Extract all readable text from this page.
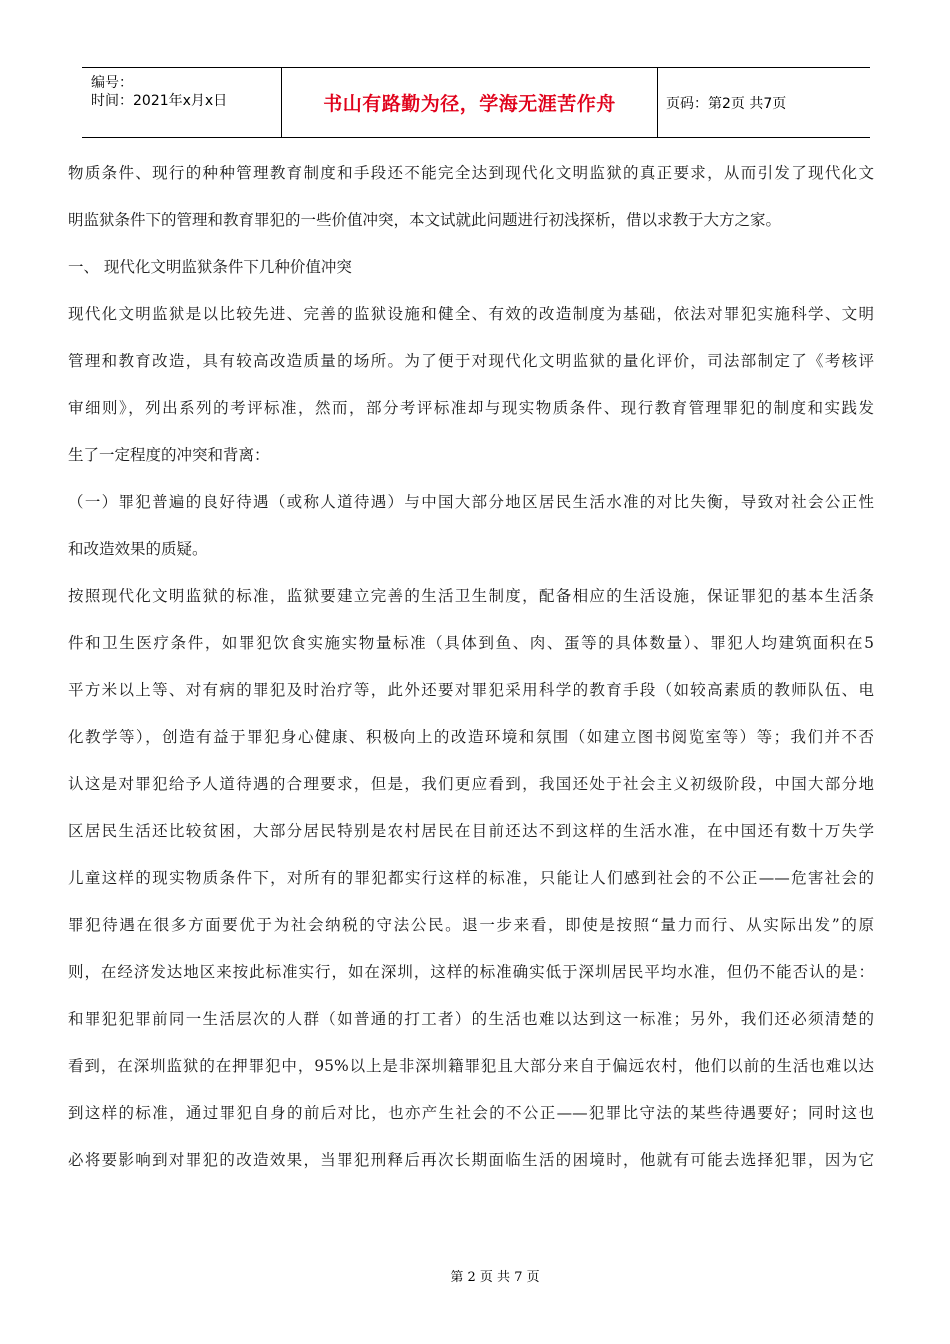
编号：
时间：2021年x月x日	书山有路勤为径，学海无涯苦作舟	页码：第2页 共7页
物质条件、现行的种种管理教育制度和手段还不能完全达到现代化文明监狱的真正要求，从而引发了现代化文
明监狱条件下的管理和教育罪犯的一些价值冲突，本文试就此问题进行初浅探析，借以求教于大方之家。
一、 现代化文明监狱条件下几种价值冲突
现代化文明监狱是以比较先进、完善的监狱设施和健全、有效的改造制度为基础，依法对罪犯实施科学、文明
管理和教育改造，具有较高改造质量的场所。为了便于对现代化文明监狱的量化评价，司法部制定了《考核评
审细则》，列出系列的考评标准，然而，部分考评标准却与现实物质条件、现行教育管理罪犯的制度和实践发
生了一定程度的冲突和背离：
（一）罪犯普遍的良好待遇（或称人道待遇）与中国大部分地区居民生活水准的对比失衡，导致对社会公正性
和改造效果的质疑。
按照现代化文明监狱的标准，监狱要建立完善的生活卫生制度，配备相应的生活设施，保证罪犯的基本生活条
件和卫生医疗条件，如罪犯饮食实施实物量标准（具体到鱼、肉、蛋等的具体数量）、罪犯人均建筑面积在5
平方米以上等、对有病的罪犯及时治疗等，此外还要对罪犯采用科学的教育手段（如较高素质的教师队伍、电
化教学等），创造有益于罪犯身心健康、积极向上的改造环境和氛围（如建立图书阅览室等）等；我们并不否
认这是对罪犯给予人道待遇的合理要求，但是，我们更应看到，我国还处于社会主义初级阶段，中国大部分地
区居民生活还比较贫困，大部分居民特别是农村居民在目前还达不到这样的生活水准，在中国还有数十万失学
儿童这样的现实物质条件下，对所有的罪犯都实行这样的标准，只能让人们感到社会的不公正——危害社会的
罪犯待遇在很多方面要优于为社会纳税的守法公民。退一步来看，即使是按照“量力而行、从实际出发”的原
则，在经济发达地区来按此标准实行，如在深圳，这样的标准确实低于深圳居民平均水准，但仍不能否认的是：
和罪犯犯罪前同一生活层次的人群（如普通的打工者）的生活也难以达到这一标准；另外，我们还必须清楚的
看到，在深圳监狱的在押罪犯中，95%以上是非深圳籍罪犯且大部分来自于偏远农村，他们以前的生活也难以达
到这样的标准，通过罪犯自身的前后对比，也亦产生社会的不公正——犯罪比守法的某些待遇要好；同时这也
必将要影响到对罪犯的改造效果，当罪犯刑释后再次长期面临生活的困境时，他就有可能去选择犯罪，因为它
第 2 页 共 7 页
